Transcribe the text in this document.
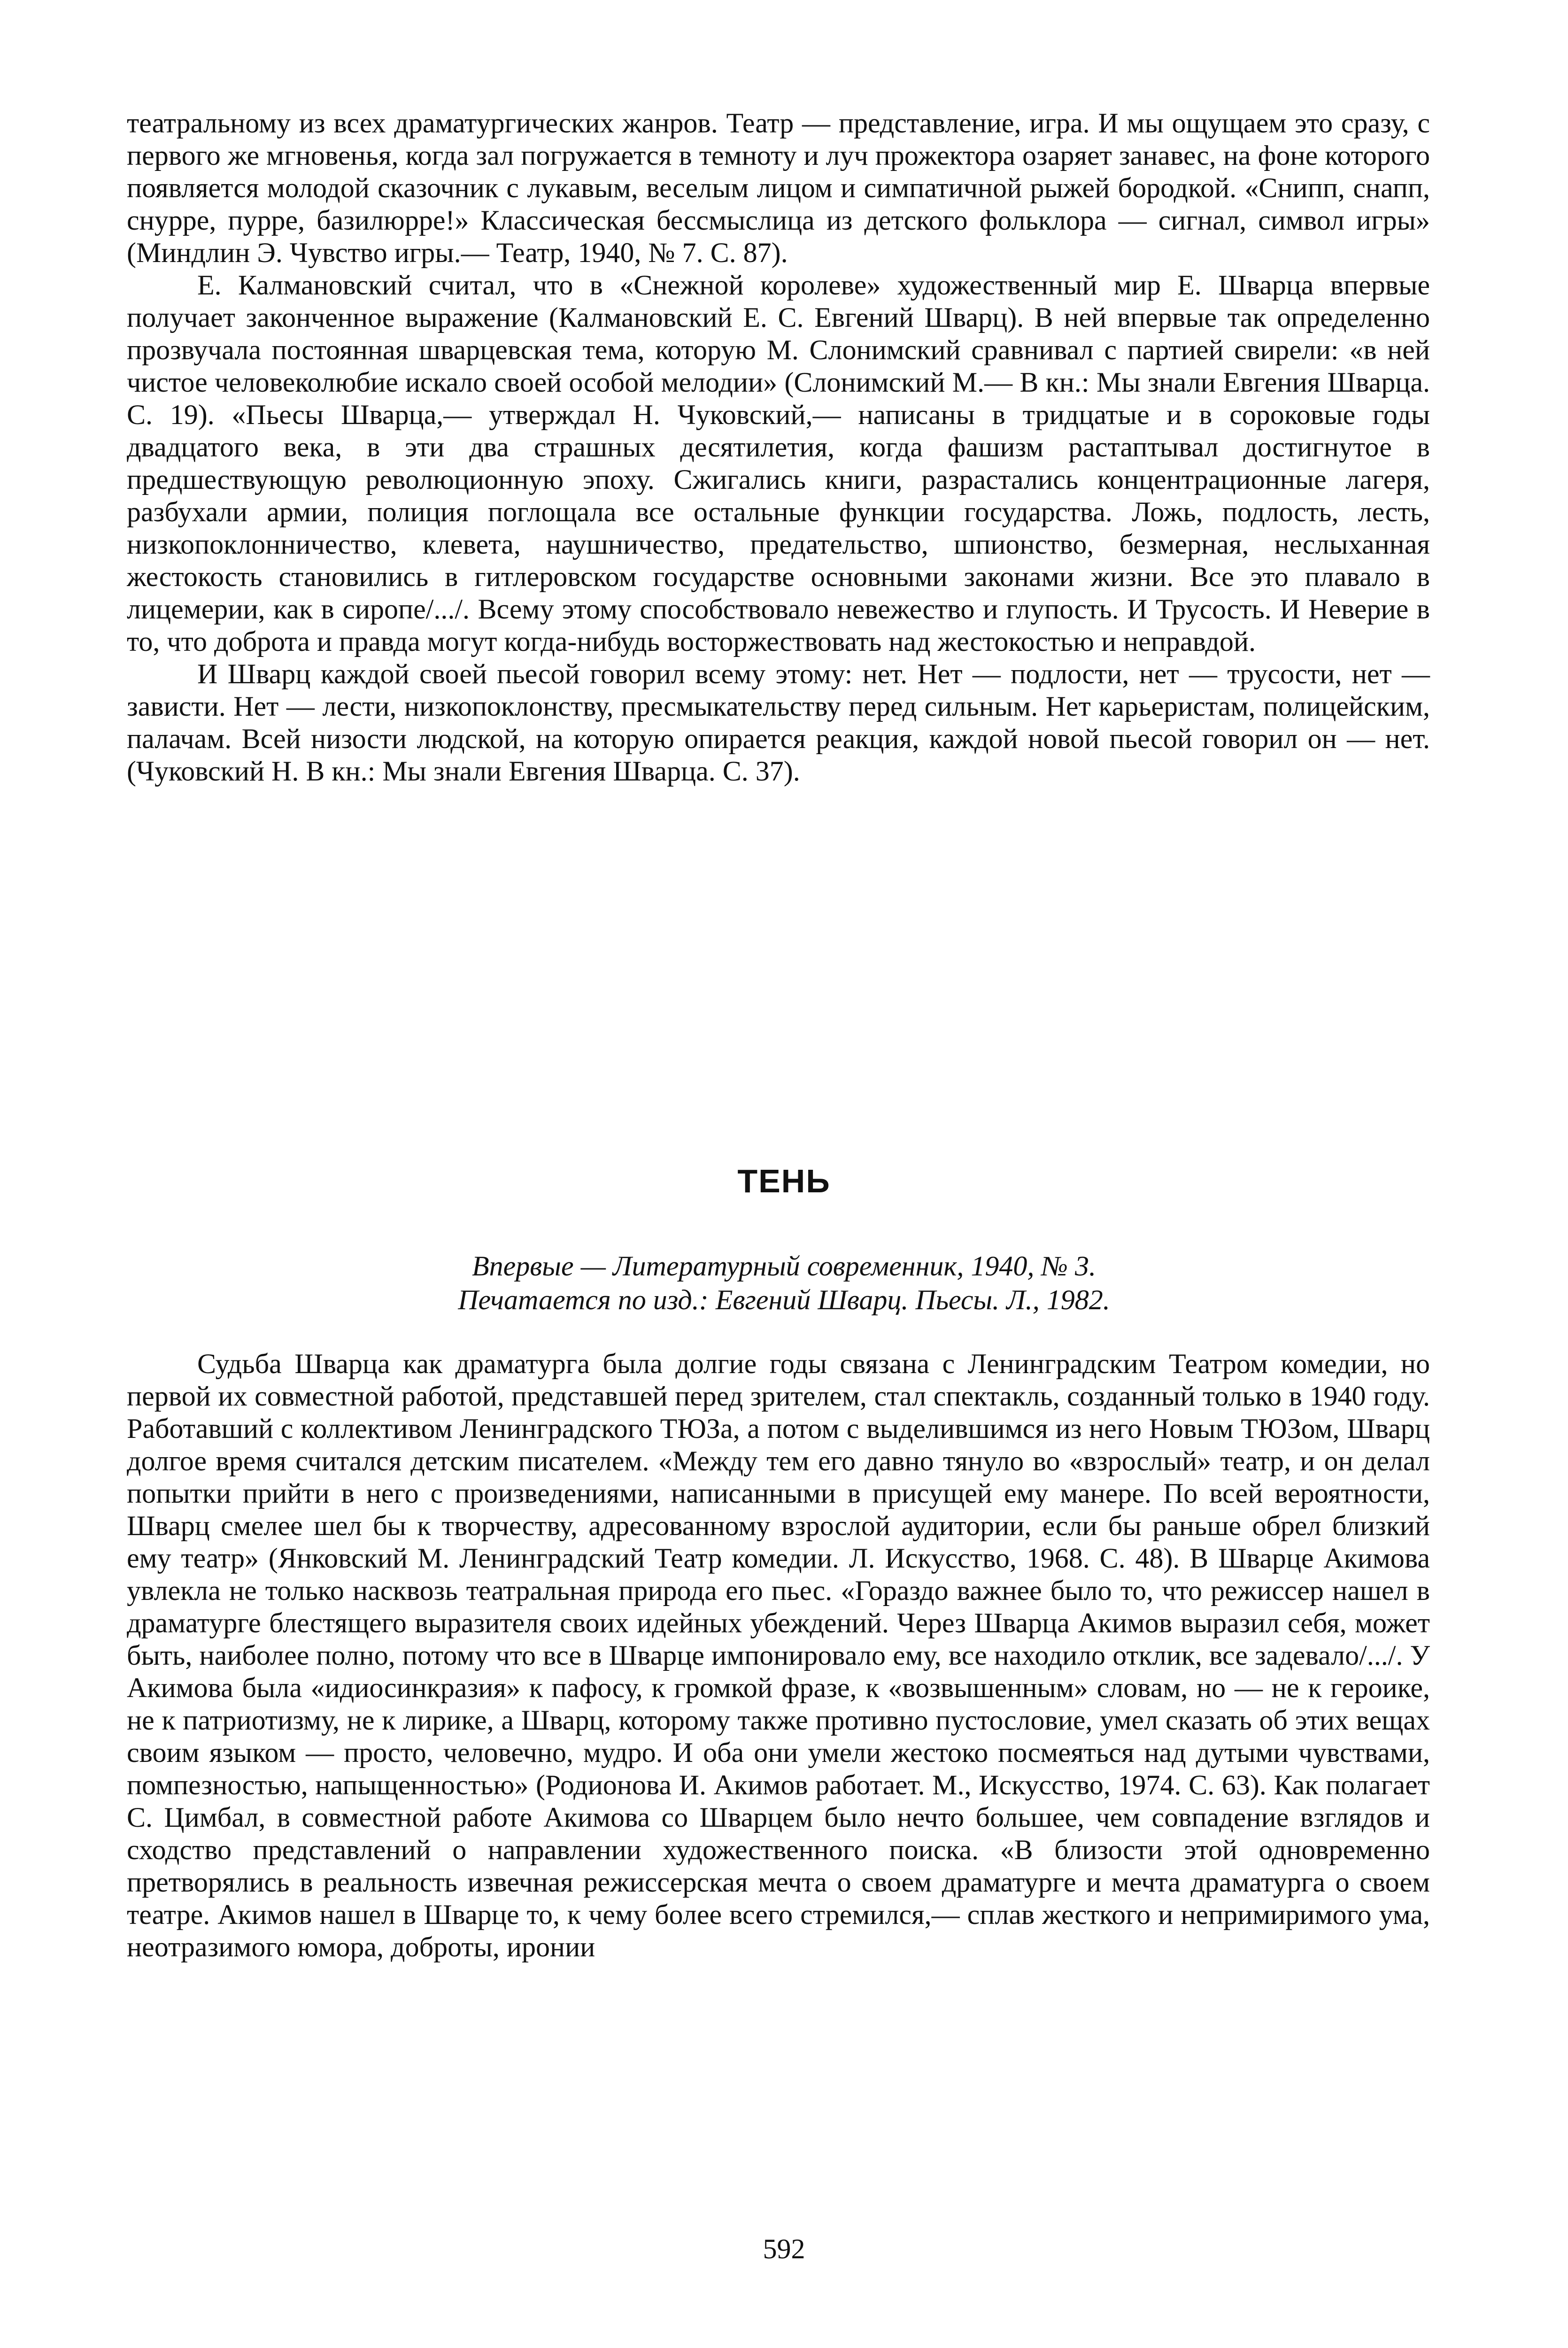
театральному из всех драматургических жанров. Театр — представление, игра. И мы ощущаем это сразу, с первого же мгновенья, когда зал погружается в темноту и луч прожектора озаряет занавес, на фоне которого появляется молодой сказочник с лукавым, веселым лицом и симпатичной рыжей бородкой. «Снипп, снапп, снурре, пурре, базилюрре!» Классическая бессмыслица из детского фольклора — сигнал, символ игры» (Миндлин Э. Чувство игры.— Театр, 1940, № 7. С. 87).

Е. Калмановский считал, что в «Снежной королеве» художественный мир Е. Шварца впервые получает законченное выражение (Калмановский Е. С. Евгений Шварц). В ней впервые так определенно прозвучала постоянная шварцевская тема, которую М. Слонимский сравнивал с партией свирели: «в ней чистое человеколюбие искало своей особой мелодии» (Слонимский М.— В кн.: Мы знали Евгения Шварца. С. 19). «Пьесы Шварца,— утверждал Н. Чуковский,— написаны в тридцатые и в сороковые годы двадцатого века, в эти два страшных десятилетия, когда фашизм растаптывал достигнутое в предшествующую революционную эпоху. Сжигались книги, разрастались концентрационные лагеря, разбухали армии, полиция поглощала все остальные функции государства. Ложь, подлость, лесть, низкопоклонничество, клевета, наушничество, предательство, шпионство, безмерная, неслыханная жестокость становились в гитлеровском государстве основными законами жизни. Все это плавало в лицемерии, как в сиропе/.../. Всему этому способствовало невежество и глупость. И Трусость. И Неверие в то, что доброта и правда могут когда-нибудь восторжествовать над жестокостью и неправдой.

И Шварц каждой своей пьесой говорил всему этому: нет. Нет — подлости, нет — трусости, нет — зависти. Нет — лести, низкопоклонству, пресмыкательству перед сильным. Нет карьеристам, полицейским, палачам. Всей низости людской, на которую опирается реакция, каждой новой пьесой говорил он — нет. (Чуковский Н. В кн.: Мы знали Евгения Шварца. С. 37).

ТЕНЬ
Впервые — Литературный современник, 1940, № 3.
Печатается по изд.: Евгений Шварц. Пьесы. Л., 1982.

Судьба Шварца как драматурга была долгие годы связана с Ленинградским Театром комедии, но первой их совместной работой, представшей перед зрителем, стал спектакль, созданный только в 1940 году. Работавший с коллективом Ленинградского ТЮЗа, а потом с выделившимся из него Новым ТЮЗом, Шварц долгое время считался детским писателем. «Между тем его давно тянуло во «взрослый» театр, и он делал попытки прийти в него с произведениями, написанными в присущей ему манере. По всей вероятности, Шварц смелее шел бы к творчеству, адресованному взрослой аудитории, если бы раньше обрел близкий ему театр» (Янковский М. Ленинградский Театр комедии. Л. Искусство, 1968. С. 48). В Шварце Акимова увлекла не только насквозь театральная природа его пьес. «Гораздо важнее было то, что режиссер нашел в драматурге блестящего выразителя своих идейных убеждений. Через Шварца Акимов выразил себя, может быть, наиболее полно, потому что все в Шварце импонировало ему, все находило отклик, все задевало/.../. У Акимова была «идиосинкразия» к пафосу, к громкой фразе, к «возвышенным» словам, но — не к героике, не к патриотизму, не к лирике, а Шварц, которому также противно пустословие, умел сказать об этих вещах своим языком — просто, человечно, мудро. И оба они умели жестоко посмеяться над дутыми чувствами, помпезностью, напыщенностью» (Родионова И. Акимов работает. М., Искусство, 1974. С. 63). Как полагает С. Цимбал, в совместной работе Акимова со Шварцем было нечто большее, чем совпадение взглядов и сходство представлений о направлении художественного поиска. «В близости этой одновременно претворялись в реальность извечная режиссерская мечта о своем драматурге и мечта драматурга о своем театре. Акимов нашел в Шварце то, к чему более всего стремился,— сплав жесткого и непримиримого ума, неотразимого юмора, доброты, иронии

592
